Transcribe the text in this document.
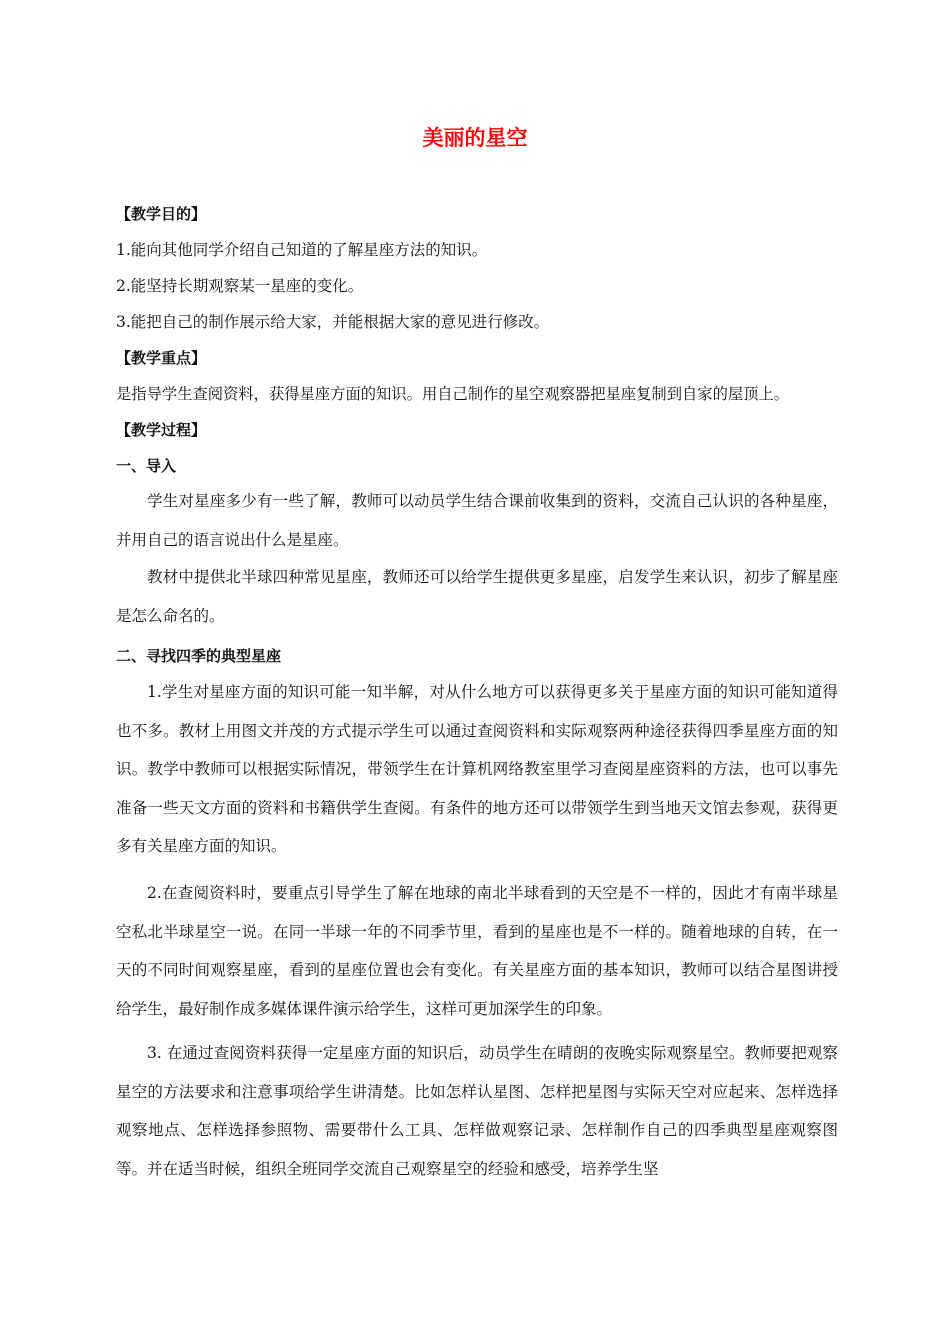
美丽的星空
【教学目的】
1.能向其他同学介绍自己知道的了解星座方法的知识。
2.能坚持长期观察某一星座的变化。
3.能把自己的制作展示给大家，并能根据大家的意见进行修改。
【教学重点】
是指导学生查阅资料，获得星座方面的知识。用自己制作的星空观察器把星座复制到自家的屋顶上。
【教学过程】
一、导入
学生对星座多少有一些了解，教师可以动员学生结合课前收集到的资料，交流自己认识的各种星座，并用自己的语言说出什么是星座。
教材中提供北半球四种常见星座，教师还可以给学生提供更多星座，启发学生来认识，初步了解星座是怎么命名的。
二、寻找四季的典型星座
1.学生对星座方面的知识可能一知半解，对从什么地方可以获得更多关于星座方面的知识可能知道得也不多。教材上用图文并茂的方式提示学生可以通过查阅资料和实际观察两种途径获得四季星座方面的知识。教学中教师可以根据实际情况，带领学生在计算机网络教室里学习查阅星座资料的方法，也可以事先准备一些天文方面的资料和书籍供学生查阅。有条件的地方还可以带领学生到当地天文馆去参观，获得更多有关星座方面的知识。
2.在查阅资料时，要重点引导学生了解在地球的南北半球看到的天空是不一样的，因此才有南半球星空私北半球星空一说。在同一半球一年的不同季节里，看到的星座也是不一样的。随着地球的自转，在一天的不同时间观察星座，看到的星座位置也会有变化。有关星座方面的基本知识，教师可以结合星图讲授给学生，最好制作成多媒体课件演示给学生，这样可更加深学生的印象。
3. 在通过查阅资料获得一定星座方面的知识后，动员学生在晴朗的夜晚实际观察星空。教师要把观察星空的方法要求和注意事项给学生讲清楚。比如怎样认星图、怎样把星图与实际天空对应起来、怎样选择观察地点、怎样选择参照物、需要带什么工具、怎样做观察记录、怎样制作自己的四季典型星座观察图等。并在适当时候，组织全班同学交流自己观察星空的经验和感受，培养学生坚
